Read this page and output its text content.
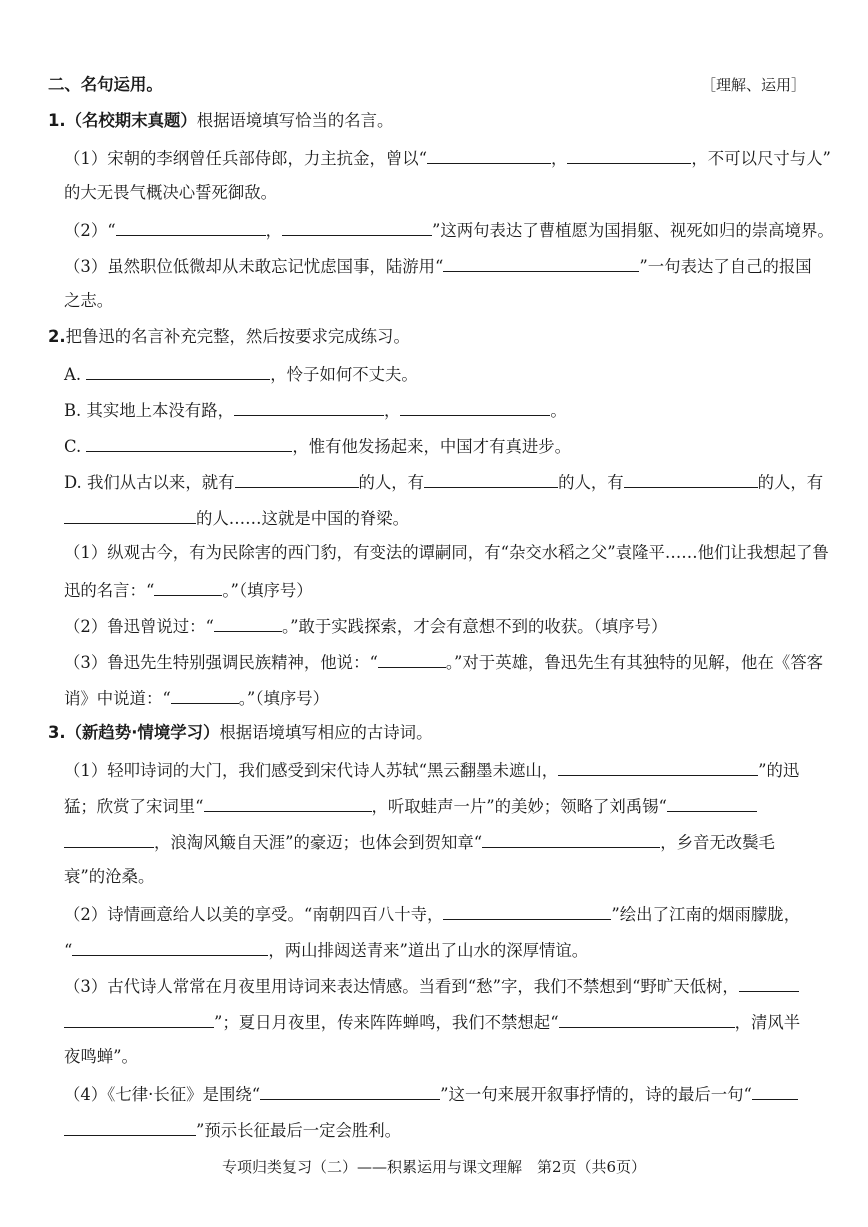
二、名句运用。	［理解、运用］
1.（名校期末真题）根据语境填写恰当的名言。
（1）宋朝的李纲曾任兵部侍郎，力主抗金，曾以“	，	，不可以尺寸与人”
的大无畏气概决心誓死御敌。
（2）“	，	”这两句表达了曹植愿为国捐躯、视死如归的崇高境界。
（3）虽然职位低微却从未敢忘记忧虑国事，陆游用“	”一句表达了自己的报国
之志。
2.把鲁迅的名言补充完整，然后按要求完成练习。
A.	，怜子如何不丈夫。
B. 其实地上本没有路，	，	。
C.	，惟有他发扬起来，中国才有真进步。
D. 我们从古以来，就有	的人，有	的人，有	的人，有
的人……这就是中国的脊梁。
（1）纵观古今，有为民除害的西门豹，有变法的谭嗣同，有“杂交水稻之父”袁隆平……他们让我想起了鲁
迅的名言：“	。”（填序号）
（2）鲁迅曾说过：“	。”敢于实践探索，才会有意想不到的收获。（填序号）
（3）鲁迅先生特别强调民族精神，他说：“	。”对于英雄，鲁迅先生有其独特的见解，他在《答客
诮》中说道：“	。”（填序号）
3.（新趋势·情境学习）根据语境填写相应的古诗词。
（1）轻叩诗词的大门，我们感受到宋代诗人苏轼“黑云翻墨未遮山，	”的迅
猛；欣赏了宋词里“	，听取蛙声一片”的美妙；领略了刘禹锡“
，浪淘风簸自天涯”的豪迈；也体会到贺知章“	，乡音无改鬓毛
衰”的沧桑。
（2）诗情画意给人以美的享受。“南朝四百八十寺，	”绘出了江南的烟雨朦胧，
“	，两山排闼送青来”道出了山水的深厚情谊。
（3）古代诗人常常在月夜里用诗词来表达情感。当看到“愁”字，我们不禁想到“野旷天低树，
”；夏日月夜里，传来阵阵蝉鸣，我们不禁想起“	，清风半
夜鸣蝉”。
（4）《七律·长征》是围绕“	”这一句来展开叙事抒情的，诗的最后一句“
”预示长征最后一定会胜利。
专项归类复习（二）——积累运用与课文理解　第2页（共6页）
